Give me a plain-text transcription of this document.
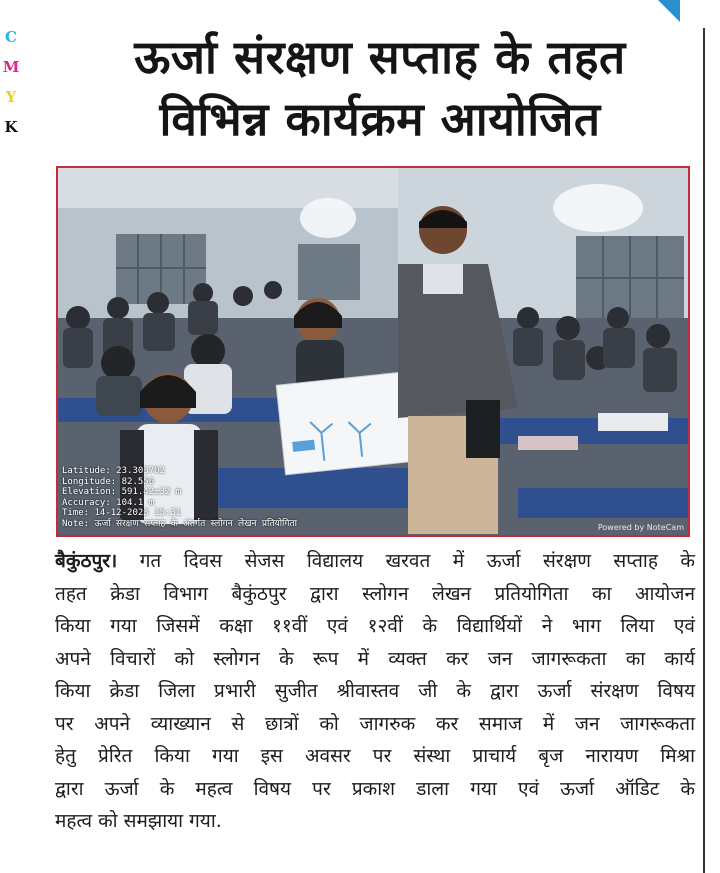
C
M
Y
K
ऊर्जा संरक्षण सप्ताह के तहत
विभिन्न कार्यक्रम आयोजित
Latitude: 23.303702
Longitude: 82.556
Elevation: 591.42±32 m
Accuracy: 104.1 m
Time: 14-12-2023 15:31
Note: ऊर्जा संरक्षण सप्ताह के अंतर्गत स्लोगन लेखन प्रतियोगिता	Powered by NoteCam
बैकुंठपुर। गत दिवस सेजस विद्यालय खरवत में ऊर्जा संरक्षण सप्ताह के
तहत क्रेडा विभाग बैकुंठपुर द्वारा स्लोगन लेखन प्रतियोगिता का आयोजन
किया गया जिसमें कक्षा ११वीं एवं १२वीं के विद्यार्थियों ने भाग लिया एवं
अपने विचारों को स्लोगन के रूप में व्यक्त कर जन जागरूकता का कार्य
किया क्रेडा जिला प्रभारी सुजीत श्रीवास्तव जी के द्वारा ऊर्जा संरक्षण विषय
पर अपने व्याख्यान से छात्रों को जागरुक कर समाज में जन जागरूकता
हेतु प्रेरित किया गया इस अवसर पर संस्था प्राचार्य बृज नारायण मिश्रा
द्वारा ऊर्जा के महत्व विषय पर प्रकाश डाला गया एवं ऊर्जा ऑडिट के
महत्व को समझाया गया.
